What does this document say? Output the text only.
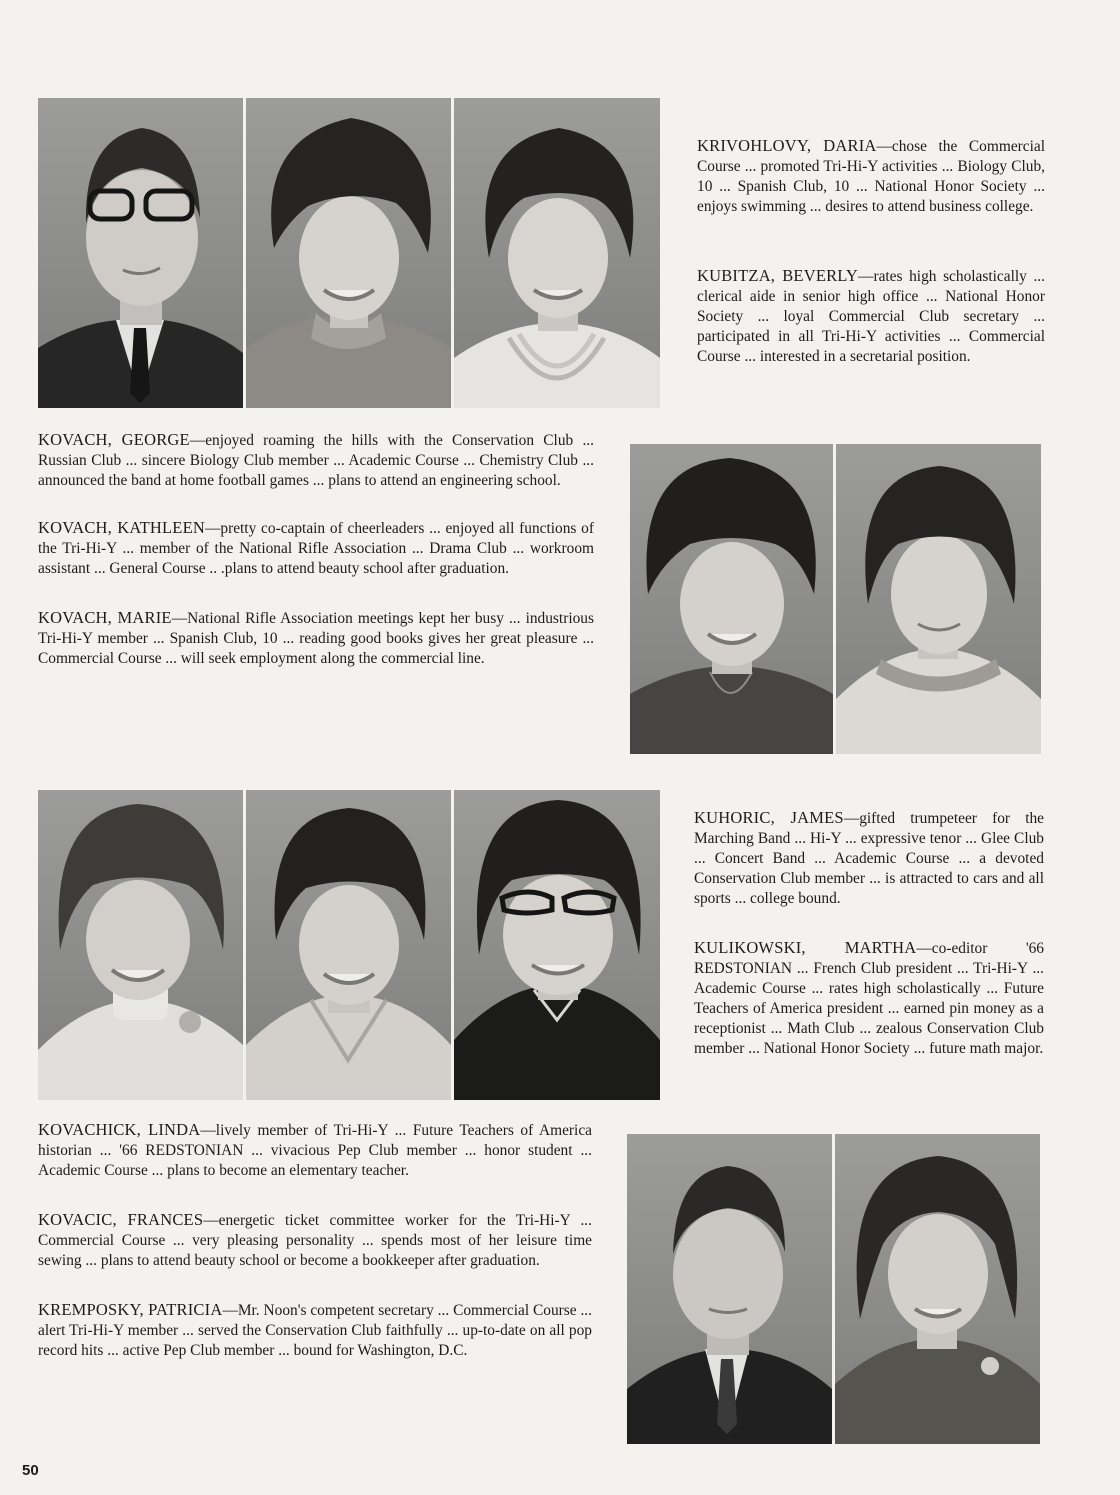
KRIVOHLOVY, DARIA—chose the Commercial Course ... promoted Tri-Hi-Y activities ... Biology Club, 10 ... Spanish Club, 10 ... National Honor Society ... enjoys swimming ... desires to attend business college.

KUBITZA, BEVERLY—rates high scholastically ... clerical aide in senior high office ... National Honor Society ... loyal Commercial Club secretary ... participated in all Tri-Hi-Y activities ... Commercial Course ... interested in a secretarial position.

KOVACH, GEORGE—enjoyed roaming the hills with the Conservation Club ... Russian Club ... sincere Biology Club member ... Academic Course ... Chemistry Club ... announced the band at home football games ... plans to attend an engineering school.

KOVACH, KATHLEEN—pretty co-captain of cheerleaders ... enjoyed all functions of the Tri-Hi-Y ... member of the National Rifle Association ... Drama Club ... workroom assistant ... General Course .. .plans to attend beauty school after graduation.

KOVACH, MARIE—National Rifle Association meetings kept her busy ... industrious Tri-Hi-Y member ... Spanish Club, 10 ... reading good books gives her great pleasure ... Commercial Course ... will seek employment along the commercial line.

KUHORIC, JAMES—gifted trumpeteer for the Marching Band ... Hi-Y ... expressive tenor ... Glee Club ... Concert Band ... Academic Course ... a devoted Conservation Club member ... is attracted to cars and all sports ... college bound.

KULIKOWSKI, MARTHA—co-editor '66 REDSTONIAN ... French Club president ... Tri-Hi-Y ... Academic Course ... rates high scholastically ... Future Teachers of America president ... earned pin money as a receptionist ... Math Club ... zealous Conservation Club member ... National Honor Society ... future math major.

KOVACHICK, LINDA—lively member of Tri-Hi-Y ... Future Teachers of America historian ... '66 REDSTONIAN ... vivacious Pep Club member ... honor student ... Academic Course ... plans to become an elementary teacher.

KOVACIC, FRANCES—energetic ticket committee worker for the Tri-Hi-Y ... Commercial Course ... very pleasing personality ... spends most of her leisure time sewing ... plans to attend beauty school or become a bookkeeper after graduation.

KREMPOSKY, PATRICIA—Mr. Noon's competent secretary ... Commercial Course ... alert Tri-Hi-Y member ... served the Conservation Club faithfully ... up-to-date on all pop record hits ... active Pep Club member ... bound for Washington, D.C.

50
